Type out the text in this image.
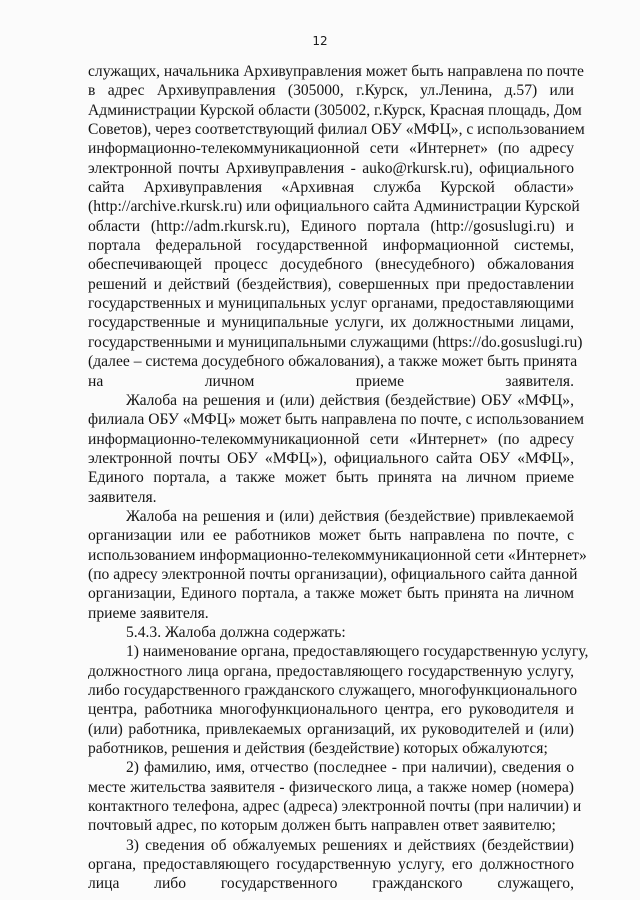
12
служащих, начальника Архивуправления может быть направлена по почте
в адрес Архивуправления (305000, г.Курск, ул.Ленина, д.57) или
Администрации Курской области (305002, г.Курск, Красная площадь, Дом
Советов), через соответствующий филиал ОБУ «МФЦ», с использованием
информационно-телекоммуникационной сети «Интернет» (по адресу
электронной почты Архивуправления - auko@rkursk.ru), официального
сайта Архивуправления «Архивная служба Курской области»
(http://archive.rkursk.ru) или официального сайта Администрации Курской
области (http://adm.rkursk.ru), Единого портала (http://gosuslugi.ru) и
портала федеральной государственной информационной системы,
обеспечивающей процесс досудебного (внесудебного) обжалования
решений и действий (бездействия), совершенных при предоставлении
государственных и муниципальных услуг органами, предоставляющими
государственные и муниципальные услуги, их должностными лицами,
государственными и муниципальными служащими (https://do.gosuslugi.ru)
(далее – система досудебного обжалования), а также может быть принята
на личном приеме заявителя.
Жалоба на решения и (или) действия (бездействие) ОБУ «МФЦ»,
филиала ОБУ «МФЦ» может быть направлена по почте, с использованием
информационно-телекоммуникационной сети «Интернет» (по адресу
электронной почты ОБУ «МФЦ»), официального сайта ОБУ «МФЦ»,
Единого портала, а также может быть принята на личном приеме
заявителя.
Жалоба на решения и (или) действия (бездействие) привлекаемой
организации или ее работников может быть направлена по почте, с
использованием информационно-телекоммуникационной сети «Интернет»
(по адресу электронной почты организации), официального сайта данной
организации, Единого портала, а также может быть принята на личном
приеме заявителя.
5.4.3. Жалоба должна содержать:
1) наименование органа, предоставляющего государственную услугу,
должностного лица органа, предоставляющего государственную услугу,
либо государственного гражданского служащего, многофункционального
центра, работника многофункционального центра, его руководителя и
(или) работника, привлекаемых организаций, их руководителей и (или)
работников, решения и действия (бездействие) которых обжалуются;
2) фамилию, имя, отчество (последнее - при наличии), сведения о
месте жительства заявителя - физического лица, а также номер (номера)
контактного телефона, адрес (адреса) электронной почты (при наличии) и
почтовый адрес, по которым должен быть направлен ответ заявителю;
3) сведения об обжалуемых решениях и действиях (бездействии)
органа, предоставляющего государственную услугу, его должностного
лица либо государственного гражданского служащего,
